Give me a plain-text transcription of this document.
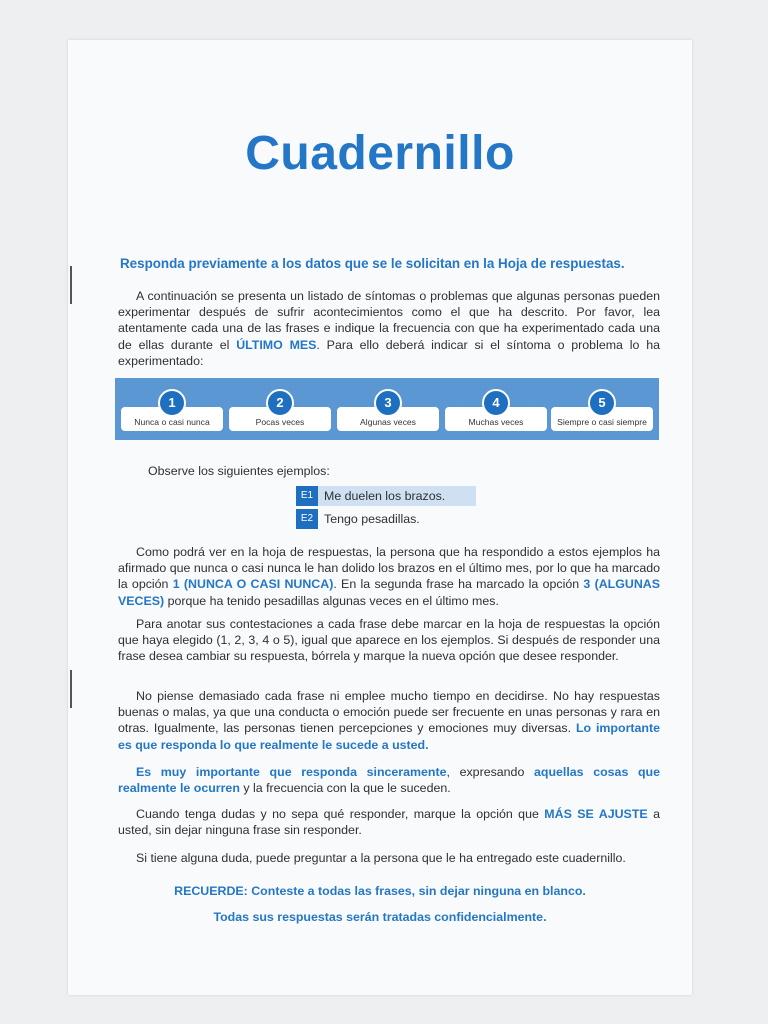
Cuadernillo
Responda previamente a los datos que se le solicitan en la Hoja de respuestas.

A continuación se presenta un listado de síntomas o problemas que algunas personas pueden experimentar después de sufrir acontecimientos como el que ha descrito. Por favor, lea atentamente cada una de las frases e indique la frecuencia con que ha experimentado cada una de ellas durante el ÚLTIMO MES. Para ello deberá indicar si el síntoma o problema lo ha experimentado:

Nunca o casi nunca
1
Pocas veces
2
Algunas veces
3
Muchas veces
4
Siempre o casi siempre
5
Observe los siguientes ejemplos:
E1 Me duelen los brazos.
E2 Tengo pesadillas.

Como podrá ver en la hoja de respuestas, la persona que ha respondido a estos ejemplos ha afirmado que nunca o casi nunca le han dolido los brazos en el último mes, por lo que ha marcado la opción 1 (NUNCA O CASI NUNCA). En la segunda frase ha marcado la opción 3 (ALGUNAS VECES) porque ha tenido pesadillas algunas veces en el último mes.

Para anotar sus contestaciones a cada frase debe marcar en la hoja de respuestas la opción que haya elegido (1, 2, 3, 4 o 5), igual que aparece en los ejemplos. Si después de responder una frase desea cambiar su respuesta, bórrela y marque la nueva opción que desee responder.

No piense demasiado cada frase ni emplee mucho tiempo en decidirse. No hay respuestas buenas o malas, ya que una conducta o emoción puede ser frecuente en unas personas y rara en otras. Igualmente, las personas tienen percepciones y emociones muy diversas. Lo importante es que responda lo que realmente le sucede a usted.

Es muy importante que responda sinceramente, expresando aquellas cosas que realmente le ocurren y la frecuencia con la que le suceden.

Cuando tenga dudas y no sepa qué responder, marque la opción que MÁS SE AJUSTE a usted, sin dejar ninguna frase sin responder.

Si tiene alguna duda, puede preguntar a la persona que le ha entregado este cuadernillo.

RECUERDE: Conteste a todas las frases, sin dejar ninguna en blanco.
Todas sus respuestas serán tratadas confidencialmente.
